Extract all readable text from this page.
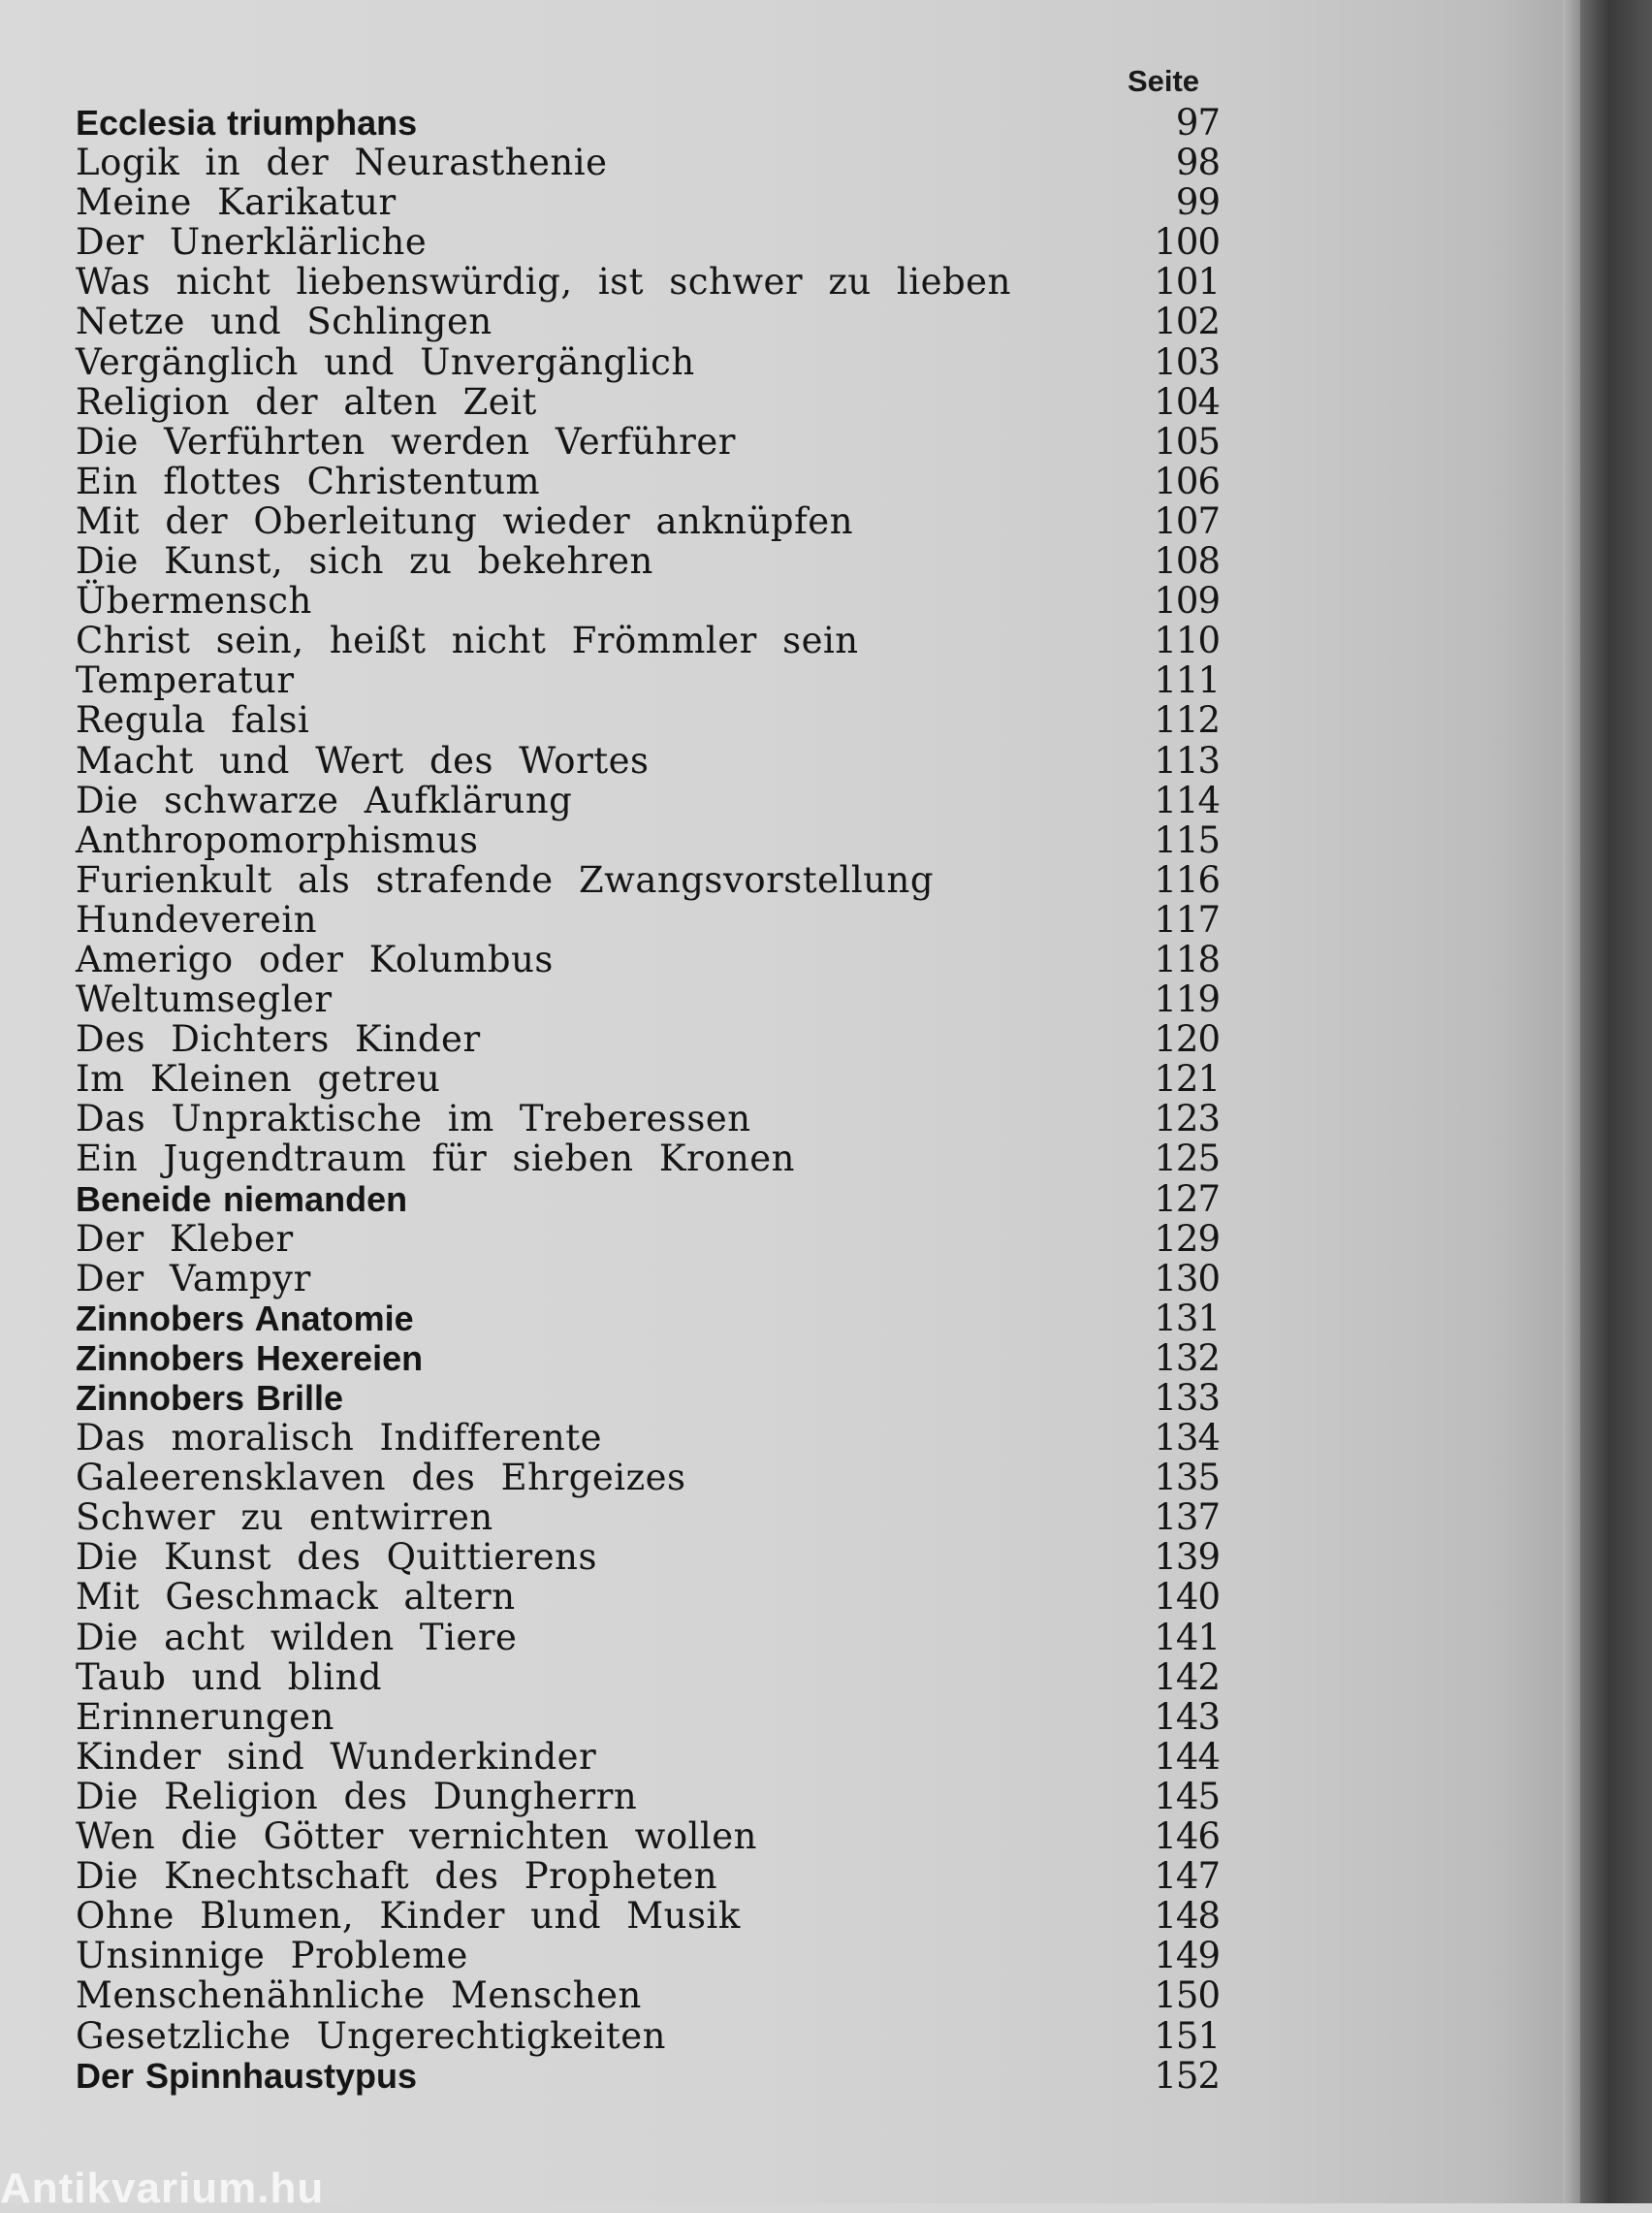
Seite
Ecclesia triumphans	97
Logik in der Neurasthenie	98
Meine Karikatur	99
Der Unerklärliche	100
Was nicht liebenswürdig, ist schwer zu lieben	101
Netze und Schlingen	102
Vergänglich und Unvergänglich	103
Religion der alten Zeit	104
Die Verführten werden Verführer	105
Ein flottes Christentum	106
Mit der Oberleitung wieder anknüpfen	107
Die Kunst, sich zu bekehren	108
Übermensch	109
Christ sein, heißt nicht Frömmler sein	110
Temperatur	111
Regula falsi	112
Macht und Wert des Wortes	113
Die schwarze Aufklärung	114
Anthropomorphismus	115
Furienkult als strafende Zwangsvorstellung	116
Hundeverein	117
Amerigo oder Kolumbus	118
Weltumsegler	119
Des Dichters Kinder	120
Im Kleinen getreu	121
Das Unpraktische im Treberessen	123
Ein Jugendtraum für sieben Kronen	125
Beneide niemanden	127
Der Kleber	129
Der Vampyr	130
Zinnobers Anatomie	131
Zinnobers Hexereien	132
Zinnobers Brille	133
Das moralisch Indifferente	134
Galeerensklaven des Ehrgeizes	135
Schwer zu entwirren	137
Die Kunst des Quittierens	139
Mit Geschmack altern	140
Die acht wilden Tiere	141
Taub und blind	142
Erinnerungen	143
Kinder sind Wunderkinder	144
Die Religion des Dungherrn	145
Wen die Götter vernichten wollen	146
Die Knechtschaft des Propheten	147
Ohne Blumen, Kinder und Musik	148
Unsinnige Probleme	149
Menschenähnliche Menschen	150
Gesetzliche Ungerechtigkeiten	151
Der Spinnhaustypus	152
Antikvarium.hu
